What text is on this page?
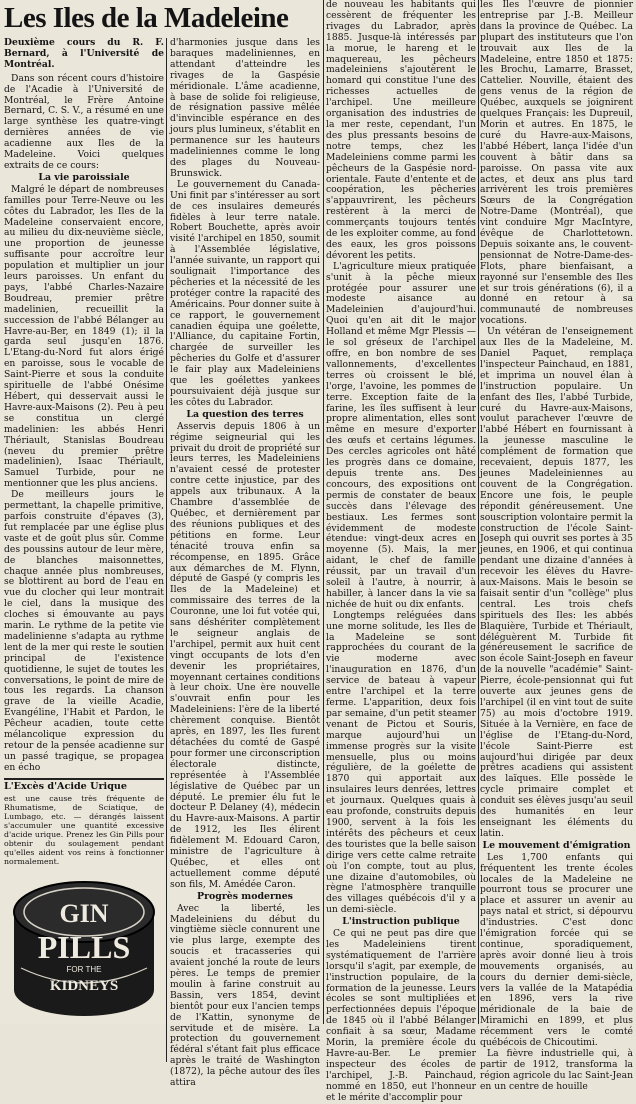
Les Iles de la Madeleine

Deuxième cours du R. F. Bernard, à l'Université de Montréal.

Dans son récent cours d'histoire de l'Acadie à l'Université de Montréal, le Frère Antoine Bernard, C. S. V., a résumé en une large synthèse les quatre-vingt dernières années de vie acadienne aux Iles de la Madeleine. Voici quelques extraits de ce cours:

La vie paroissiale

Malgré le départ de nombreuses familles pour Terre-Neuve ou les côtes du Labrador, les Iles de la Madeleine conservaient encore, au milieu du dix-neuvième siècle, une proportion de jeunesse suffisante pour accroître leur population et multiplier un jour leurs paroisses. Un enfant du pays, l'abbé Charles-Nazaire Boudreau, premier prêtre madelinien, recueillit la succession de l'abbé Bélanger au Havre-au-Ber, en 1849 (1); il la garda seul jusqu'en 1876. L'Etang-du-Nord fut alors érigé en paroisse, sous le vocable de Saint-Pierre et sous la conduite spirituelle de l'abbé Onésime Hébert, qui desservait aussi le Havre-aux-Maisons (2). Peu à peu se constitua un clergé madelinien: les abbés Henri Thériault, Stanislas Boudreau (neveu du premier prêtre madelinien), Isaac Thériault, Samuel Turbide, pour ne mentionner que les plus anciens.

De meilleurs jours le permettant, la chapelle primitive, parfois construite d'épaves (3), fut remplacée par une église plus vaste et de goût plus sûr. Comme des poussins autour de leur mère, de blanches maisonnettes, chaque année plus nombreuses, se blottirent au bord de l'eau en vue du clocher qui leur montrait le ciel, dans la musique des cloches si émouvante au pays marin. Le rythme de la petite vie madelinienne s'adapta au rythme lent de la mer qui reste le soutien principal de l'existence quotidienne, le sujet de toutes les conversations, le point de mire de tous les regards. La chanson grave de la vieille Acadie, Evangéline, l'Habit et Pardon, le Pêcheur acadien, toute cette mélancolique expression du retour de la pensée acadienne sur un passé tragique, se propagea en écho

L'Excès d'Acide Urique

est une cause très fréquente de Rhumatisme, de Sciatique, de Lumbago, etc. — dérangés laissent s'accumuler une quantité excessive d'acide urique. Prenez les Gin Pills pour obtenir du soulagement pendant qu'elles aident vos reins à fonctionner normalement.

GIN
PILLS
FOR THE
KIDNEYS

d'harmonies jusque dans les baraques madeliniennes, en attendant d'atteindre les rivages de la Gaspésie méridionale. L'âme acadienne, à base de solide foi religieuse, de résignation passive mêlée d'invincible espérance en des jours plus lumineux, s'établit en permanence sur les hauteurs madeliniennes comme le long des plages du Nouveau-Brunswick.

Le gouvernement du Canada-Uni finit par s'intéresser au sort de ces insulaires demeurés fidèles à leur terre natale. Robert Bouchette, après avoir visité l'archipel en 1850, soumit à l'Assemblée législative, l'année suivante, un rapport qui soulignait l'importance des pêcheries et la nécessité de les protéger contre la rapacité des Américains. Pour donner suite à ce rapport, le gouvernement canadien équipa une goélette, l'Alliance, du capitaine Fortin, chargée de surveiller les pêcheries du Golfe et d'assurer le fair play aux Madeleiniens que les goélettes yankees poursuivaient déjà jusque sur les côtes du Labrador.

La question des terres

Asservis depuis 1806 à un régime seigneurial qui les privait du droit de propriété sur leurs terres, les Madeleiniens n'avaient cessé de protester contre cette injustice, par des appels aux tribunaux. A la Chambre d'assemblée de Québec, et dernièrement par des réunions publiques et des pétitions en forme. Leur ténacité trouva enfin sa récompense, en 1895. Grâce aux démarches de M. Flynn, député de Gaspé (y compris les Iles de la Madeleine) et commissaire des terres de la Couronne, une loi fut votée qui, sans déshériter complètement le seigneur anglais de l'archipel, permit aux huit cent vingt occupants de lots d'en devenir les propriétaires, moyennant certaines conditions à leur choix. Une ère nouvelle s'ouvrait enfin pour les Madeleiniens: l'ère de la liberté chèrement conquise. Bientôt après, en 1897, les Iles furent détachées du comté de Gaspé pour former une circonscription électorale distincte, représentée à l'Assemblée législative de Québec par un député. Le premier élu fut le docteur P. Delaney (4), médecin du Havre-aux-Maisons. A partir de 1912, les Iles élirent fidèlement M. Edouard Caron, ministre de l'agriculture à Québec, et elles ont actuellement comme député son fils, M. Amédée Caron.

Progrès modernes

Avec la liberté, les Madeleiniens du début du vingtième siècle connurent une vie plus large, exempte des soucis et tracasseries qui avaient jonché la route de leurs pères. Le temps de premier moulin à farine construit au Bassin, vers 1854, devint bientôt pour eux l'ancien temps de l'Kattin, synonyme de servitude et de misère. La protection du gouvernement fédéral s'étant fait plus efficace après le traité de Washington (1872), la pêche autour des îles attira

de nouveau les habitants qui cessèrent de fréquenter les rivages du Labrador, après 1885. Jusque-là intéressés par la morue, le hareng et le maquereau, les pêcheurs madeleiniens s'ajoutèrent le homard qui constitue l'une des richesses actuelles de l'archipel. Une meilleure organisation des industries de la mer reste, cependant, l'un des plus pressants besoins de notre temps, chez les Madeleiniens comme parmi les pêcheurs de la Gaspésie nord-orientale. Faute d'entente et de coopération, les pêcheries s'appauvrirent, les pêcheurs restèrent à la merci de commerçants toujours tentés de les exploiter comme, au fond des eaux, les gros poissons dévorent les petits.

L'agriculture mieux pratiquée s'unit à la pêche mieux protégée pour assurer une modeste aisance au Madeleinien d'aujourd'hui. Quoi qu'en ait dit le major Holland et même Mgr Plessis — le sol gréseux de l'archipel offre, en bon nombre de ses vallonnements, d'excellentes terres où croissent le blé, l'orge, l'avoine, les pommes de terre. Exception faite de la farine, les îles suffisent à leur propre alimentation, elles sont même en mesure d'exporter des œufs et certains légumes. Des cercles agricoles ont hâté les progrès dans ce domaine, depuis trente ans. Des concours, des expositions ont permis de constater de beaux succès dans l'élevage des bestiaux. Les fermes sont évidemment de modeste étendue: vingt-deux acres en moyenne (5). Mais, la mer aidant, le chef de famille réussit, par un travail d'un soleil à l'autre, à nourrir, à habiller, à lancer dans la vie sa nichée de huit ou dix enfants.

Longtemps reléguées dans une morne solitude, les Iles de la Madeleine se sont rapprochées du courant de la vie moderne avec l'inauguration en 1876, d'un service de bateau à vapeur entre l'archipel et la terre ferme. L'apparition, deux fois par semaine, d'un petit steamer venant de Pictou et Souris, marque aujourd'hui un immense progrès sur la visite mensuelle, plus ou moins régulière, de la goélette de 1870 qui apportait aux insulaires leurs denrées, lettres et journaux. Quelques quais à eau profonde, construits depuis 1900, servent à la fois les intérêts des pêcheurs et ceux des touristes que la belle saison dirige vers cette calme retraite où l'on compte, tout au plus, une dizaine d'automobiles, où règne l'atmosphère tranquille des villages québécois d'il y a un demi-siècle.

L'instruction publique

Ce qui ne peut pas dire que les Madeleiniens tirent systématiquement de l'arrière lorsqu'il s'agit, par exemple, de l'instruction populaire, de la formation de la jeunesse. Leurs écoles se sont multipliées et perfectionnées depuis l'époque de 1845 où il l'abbé Bélanger confiait à sa sœur, Madame Morin, la première école du Havre-au-Ber. Le premier inspecteur des écoles de l'archipel, J.-B. Painchaud, nommé en 1850, eut l'honneur et le mérite d'accomplir pour

les Iles l'œuvre de pionnier entreprise par J.-B. Meilleur dans la province de Québec. La plupart des instituteurs que l'on trouvait aux Iles de la Madeleine, entre 1850 et 1875: les Brochu, Lamarre, Brasset, Cattelier. Nouville, étaient des gens venus de la région de Québec, auxquels se joignirent quelques Français: les Dupreuil, Morin et autres. En 1875, le curé du Havre-aux-Maisons, l'abbé Hébert, lança l'idée d'un couvent à bâtir dans sa paroisse. On passa vite aux actes, et deux ans plus tard arrivèrent les trois premières Sœurs de la Congrégation Notre-Dame (Montréal), que vint conduire Mgr MacIntyre, évêque de Charlottetown. Depuis soixante ans, le couvent-pensionnat de Notre-Dame-des-Flots, phare bienfaisant, a rayonné sur l'ensemble des Iles et sur trois générations (6), il a donné en retour à sa communauté de nombreuses vocations.

Un vétéran de l'enseignement aux Iles de la Madeleine, M. Daniel Paquet, remplaça l'inspecteur Painchaud, en 1881, et imprima un nouvel élan à l'instruction populaire. Un enfant des Iles, l'abbé Turbide, curé du Havre-aux-Maisons, voulut parachever l'œuvre de l'abbé Hébert en fournissant à la jeunesse masculine le complément de formation que recevaient, depuis 1877, les jeunes Madeleiniennes au couvent de la Congrégation. Encore une fois, le peuple répondit généreusement. Une souscription volontaire permit la construction de l'école Saint-Joseph qui ouvrit ses portes à 35 jeunes, en 1906, et qui continua pendant une dizaine d'années à recevoir les élèves du Havre-aux-Maisons. Mais le besoin se faisait sentir d'un "collège" plus central. Les trois chefs spirituels des Iles: les abbés Blaquière, Turbide et Thériault, déléguèrent M. Turbide fit généreusement le sacrifice de son école Saint-Joseph en faveur de la nouvelle "académie" Saint-Pierre, école-pensionnat qui fut ouverte aux jeunes gens de l'archipel (il en vint tout de suite 75) au mois d'octobre 1919. Située à la Vernière, en face de l'église de l'Etang-du-Nord, l'école Saint-Pierre est aujourd'hui dirigée par deux prêtres acadiens qui assistent des laïques. Elle possède le cycle primaire complet et conduit ses élèves jusqu'au seuil des humanités en leur enseignant les éléments du latin.

Le mouvement d'émigration

Les 1,700 enfants qui fréquentent les trente écoles locales de la Madeleine ne pourront tous se procurer une place et assurer un avenir au pays natal et strict, si dépourvu d'industries. C'est donc l'émigration forcée qui se continue, sporadiquement, après avoir donné lieu à trois mouvements organisés, au cours du dernier demi-siècle, vers la vallée de la Matapédia en 1896, vers la rive méridionale de la baie de Miramichi en 1899, et plus récemment vers le comté québécois de Chicoutimi.

La fièvre industrielle qui, à partir de 1912, transforma la région agricole du lac Saint-Jean en un centre de houille
